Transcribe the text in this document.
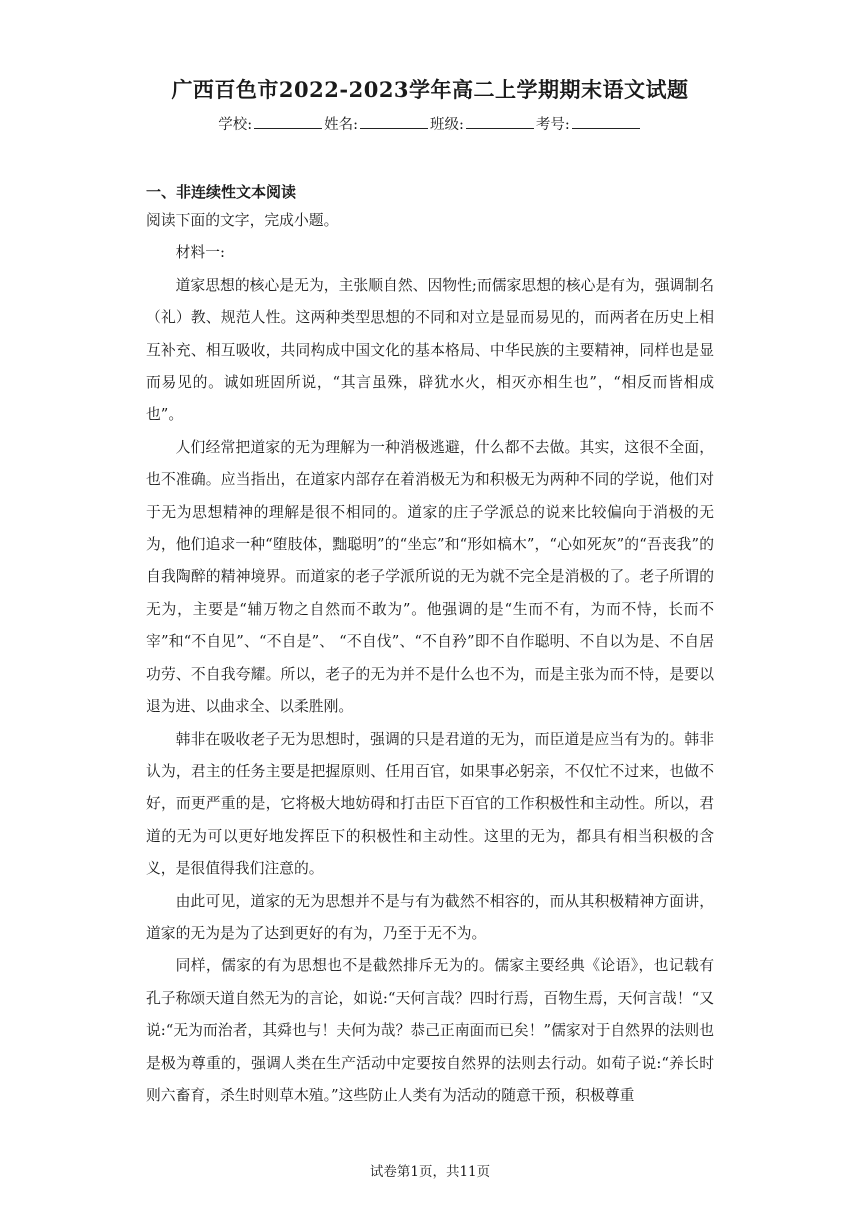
广西百色市2022-2023学年高二上学期期末语文试题
学校:	姓名:	班级:	考号:
一、非连续性文本阅读

阅读下面的文字，完成小题。

材料一:

道家思想的核心是无为，主张顺自然、因物性;而儒家思想的核心是有为，强调制名（礼）教、规范人性。这两种类型思想的不同和对立是显而易见的，而两者在历史上相互补充、相互吸收，共同构成中国文化的基本格局、中华民族的主要精神，同样也是显而易见的。诚如班固所说，“其言虽殊，辟犹水火，相灭亦相生也”，“相反而皆相成也”。

人们经常把道家的无为理解为一种消极逃避，什么都不去做。其实，这很不全面，也不准确。应当指出，在道家内部存在着消极无为和积极无为两种不同的学说，他们对于无为思想精神的理解是很不相同的。道家的庄子学派总的说来比较偏向于消极的无为，他们追求一种“堕肢体，黜聪明”的“坐忘”和“形如槁木”，“心如死灰”的“吾丧我”的自我陶醉的精神境界。而道家的老子学派所说的无为就不完全是消极的了。老子所谓的无为，主要是“辅万物之自然而不敢为”。他强调的是“生而不有，为而不恃，长而不宰”和“不自见”、“不自是”、 “不自伐”、“不自矜”即不自作聪明、不自以为是、不自居功劳、不自我夸耀。所以，老子的无为并不是什么也不为，而是主张为而不恃，是要以退为进、以曲求全、以柔胜刚。

韩非在吸收老子无为思想时，强调的只是君道的无为，而臣道是应当有为的。韩非认为，君主的任务主要是把握原则、任用百官，如果事必躬亲，不仅忙不过来，也做不好，而更严重的是，它将极大地妨碍和打击臣下百官的工作积极性和主动性。所以，君道的无为可以更好地发挥臣下的积极性和主动性。这里的无为，都具有相当积极的含义，是很值得我们注意的。

由此可见，道家的无为思想并不是与有为截然不相容的，而从其积极精神方面讲，道家的无为是为了达到更好的有为，乃至于无不为。

同样，儒家的有为思想也不是截然排斥无为的。儒家主要经典《论语》，也记载有孔子称颂天道自然无为的言论，如说:“天何言哉？四时行焉，百物生焉，天何言哉！“又说:“无为而治者，其舜也与！夫何为哉？恭己正南面而已矣！”儒家对于自然界的法则也是极为尊重的，强调人类在生产活动中定要按自然界的法则去行动。如荀子说:“养长时则六畜育，杀生时则草木殖。”这些防止人类有为活动的随意干预，积极尊重

试卷第1页，共11页
